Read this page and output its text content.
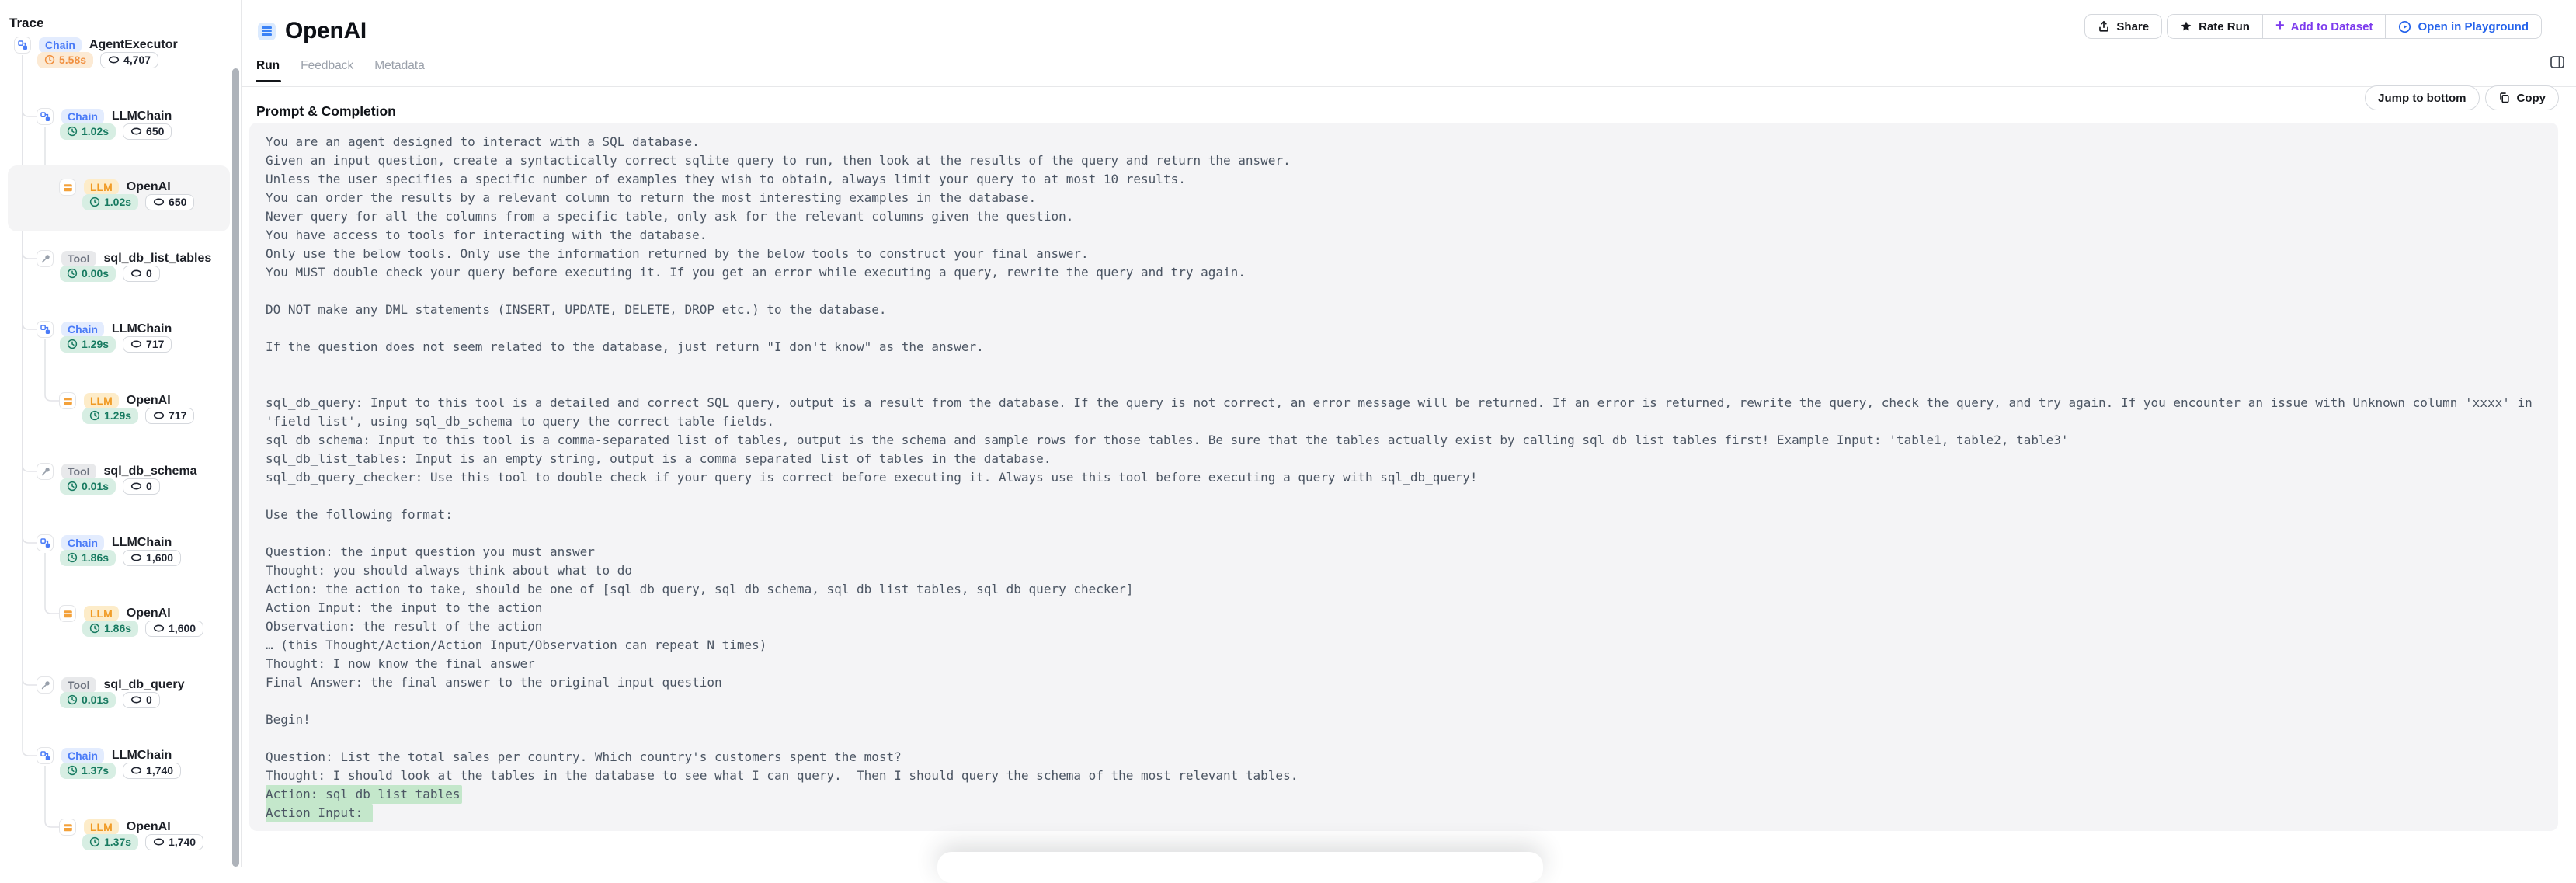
Chain	AgentExecutor
5.58s	4,707
Chain	LLMChain
1.02s	650
LLM	OpenAI
1.02s	650
Tool	sql_db_list_tables
0.00s	0
Chain	LLMChain
1.29s	717
LLM	OpenAI
1.29s	717
Tool	sql_db_schema
0.01s	0
Chain	LLMChain
1.86s	1,600
LLM	OpenAI
1.86s	1,600
Tool	sql_db_query
0.01s	0
Chain	LLMChain
1.37s	1,740
LLM	OpenAI
1.37s	1,740
Trace	OpenAI	Share	Rate Run + Add to Dataset	Open in Playground
Run Feedback Metadata
Prompt & Completion
Jump to bottom	Copy
You are an agent designed to interact with a SQL database.
Given an input question, create a syntactically correct sqlite query to run, then look at the results of the query and return the answer.
Unless the user specifies a specific number of examples they wish to obtain, always limit your query to at most 10 results.
You can order the results by a relevant column to return the most interesting examples in the database.
Never query for all the columns from a specific table, only ask for the relevant columns given the question.
You have access to tools for interacting with the database.
Only use the below tools. Only use the information returned by the below tools to construct your final answer.
You MUST double check your query before executing it. If you get an error while executing a query, rewrite the query and try again.

DO NOT make any DML statements (INSERT, UPDATE, DELETE, DROP etc.) to the database.

If the question does not seem related to the database, just return "I don't know" as the answer.

sql_db_query: Input to this tool is a detailed and correct SQL query, output is a result from the database. If the query is not correct, an error message will be returned. If an error is returned, rewrite the query, check the query, and try again. If you encounter an issue with Unknown column 'xxxx' in
'field list', using sql_db_schema to query the correct table fields.
sql_db_schema: Input to this tool is a comma-separated list of tables, output is the schema and sample rows for those tables. Be sure that the tables actually exist by calling sql_db_list_tables first! Example Input: 'table1, table2, table3'
sql_db_list_tables: Input is an empty string, output is a comma separated list of tables in the database.
sql_db_query_checker: Use this tool to double check if your query is correct before executing it. Always use this tool before executing a query with sql_db_query!

Use the following format:

Question: the input question you must answer
Thought: you should always think about what to do
Action: the action to take, should be one of [sql_db_query, sql_db_schema, sql_db_list_tables, sql_db_query_checker]
Action Input: the input to the action
Observation: the result of the action
… (this Thought/Action/Action Input/Observation can repeat N times)
Thought: I now know the final answer
Final Answer: the final answer to the original input question

Begin!

Question: List the total sales per country. Which country's customers spent the most?
Thought: I should look at the tables in the database to see what I can query.  Then I should query the schema of the most relevant tables.
Action: sql_db_list_tables
Action Input:
